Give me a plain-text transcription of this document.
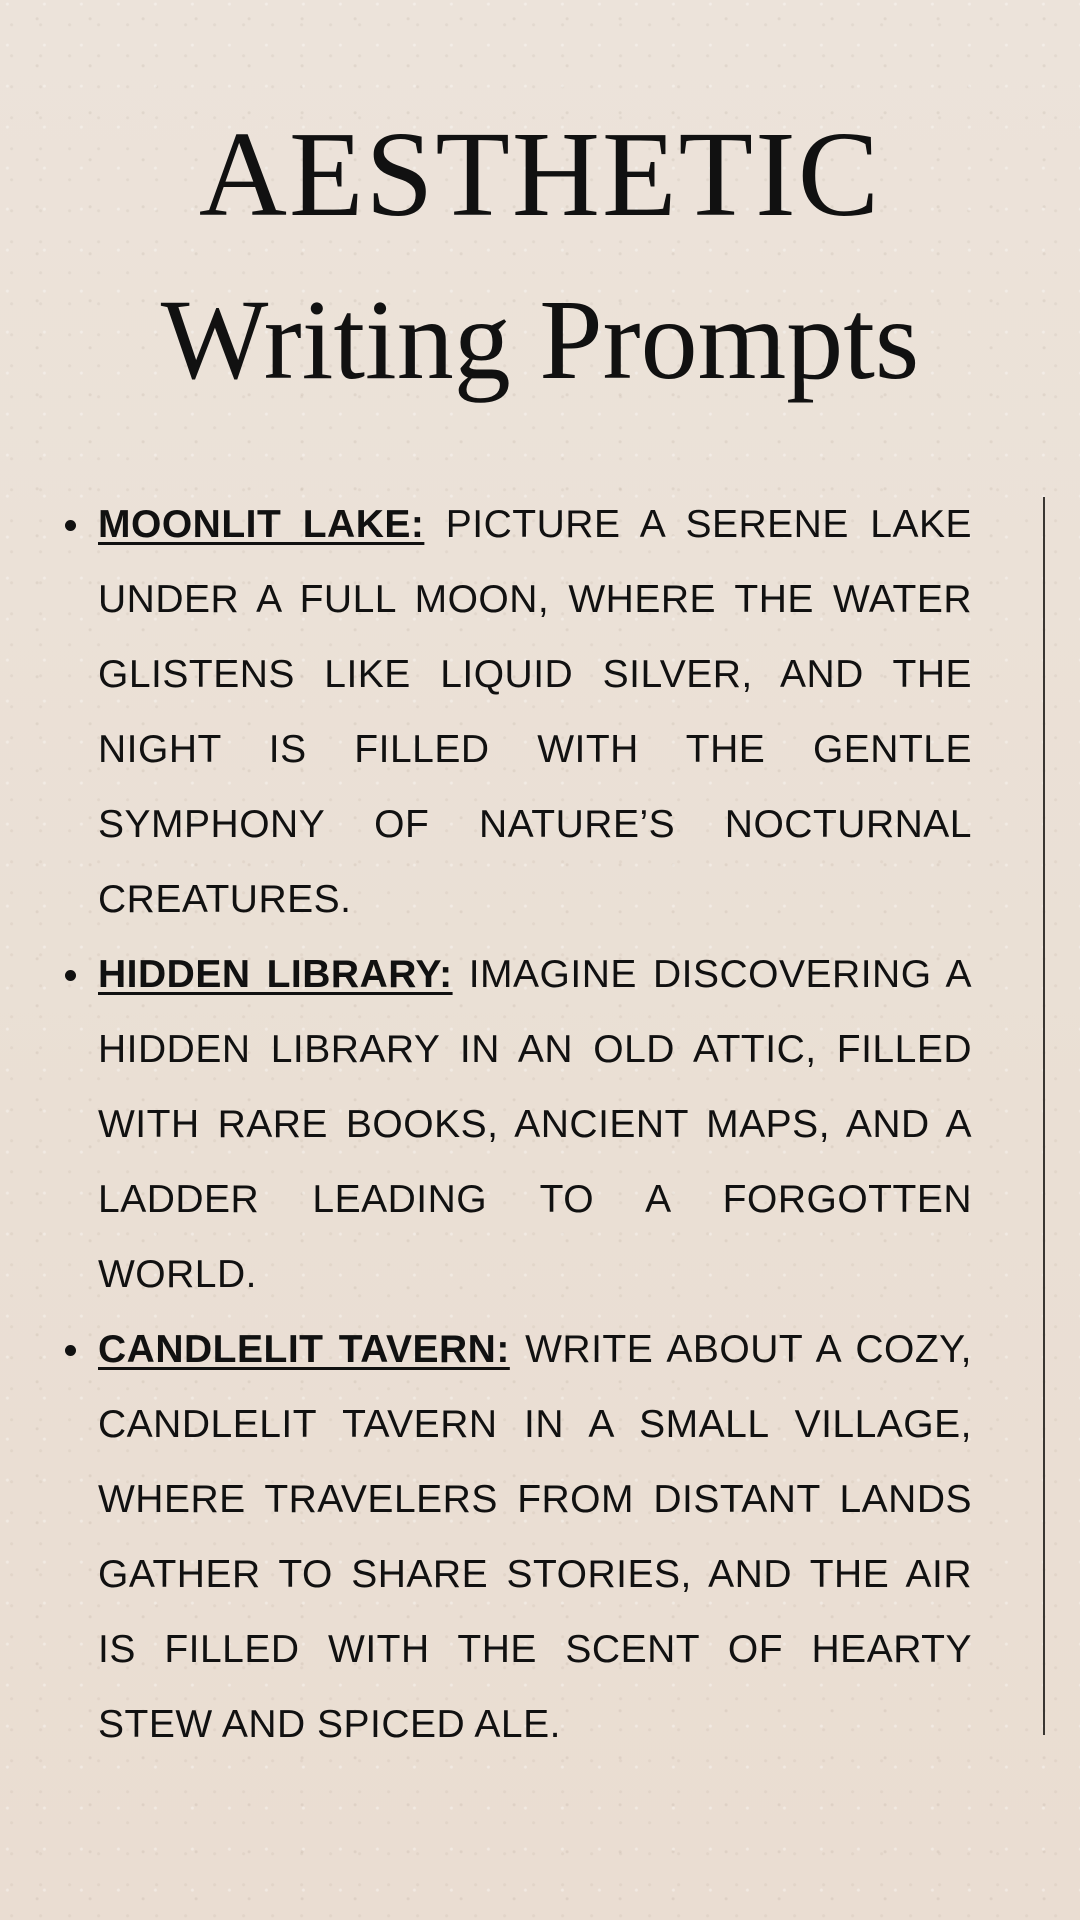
AESTHETIC
Writing Prompts
MOONLIT LAKE: PICTURE A SERENE LAKE UNDER A FULL MOON, WHERE THE WATER GLISTENS LIKE LIQUID SILVER, AND THE NIGHT IS FILLED WITH THE GENTLE SYMPHONY OF NATURE’S NOCTURNAL CREATURES.
HIDDEN LIBRARY: IMAGINE DISCOVERING A HIDDEN LIBRARY IN AN OLD ATTIC, FILLED WITH RARE BOOKS, ANCIENT MAPS, AND A LADDER LEADING TO A FORGOTTEN WORLD.
CANDLELIT TAVERN: WRITE ABOUT A COZY, CANDLELIT TAVERN IN A SMALL VILLAGE, WHERE TRAVELERS FROM DISTANT LANDS GATHER TO SHARE STORIES, AND THE AIR IS FILLED WITH THE SCENT OF HEARTY STEW AND SPICED ALE.
